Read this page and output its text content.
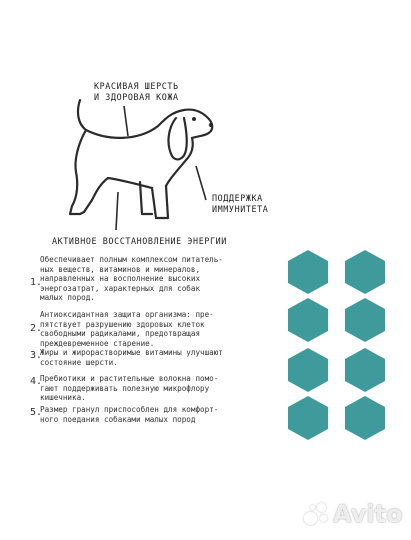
КРАСИВАЯ ШЕРСТЬ
И ЗДОРОВАЯ КОЖА
ПОДДЕРЖКА
ИММУНИТЕТА
АКТИВНОЕ ВОССТАНОВЛЕНИЕ ЭНЕРГИИ
1.
Обеспечивает полным комплексом питатель-
ных веществ, витаминов и минералов,
направленных на восполнение высоких
энергозатрат, характерных для собак
малых пород.
2.
Антиоксидантная защита организма: пре-
пятствует разрушению здоровых клеток
свободными радикалами, предотвращая
преждевременное старение.
3.
Жиры и жирорастворимые витамины улучшают
состояние шерсти.
4.
Пребиотики и растительные волокна помо-
гают поддерживать полезную микрофлору
кишечника.
5.
Размер гранул приспособлен для комфорт-
ного поедания собаками малых пород
Avito
